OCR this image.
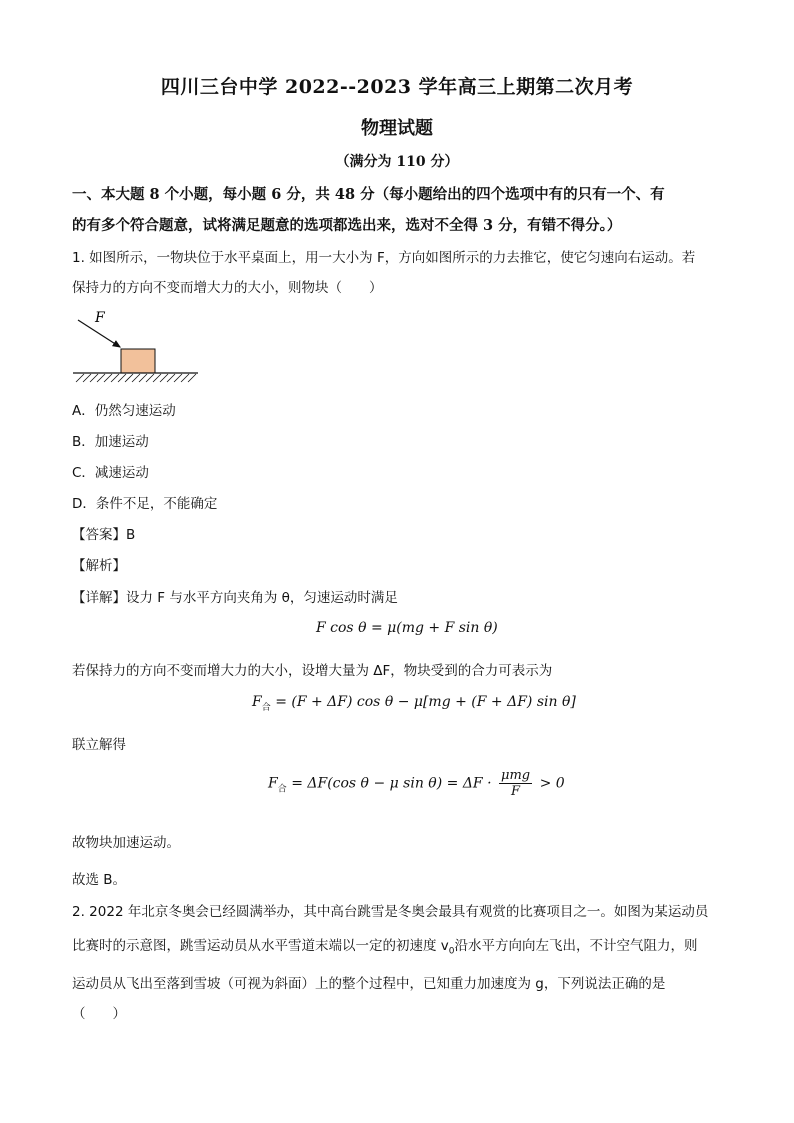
四川三台中学 2022--2023 学年高三上期第二次月考
物理试题
（满分为 110 分）
一、本大题 8 个小题，每小题 6 分，共 48 分（每小题给出的四个选项中有的只有一个、有
的有多个符合题意，试将满足题意的选项都选出来，选对不全得 3 分，有错不得分。）
1. 如图所示，一物块位于水平桌面上，用一大小为 F，方向如图所示的力去推它，使它匀速向右运动。若
保持力的方向不变而增大力的大小，则物块（　　）
F
A．仍然匀速运动
B．加速运动
C．减速运动
D．条件不足，不能确定
【答案】B
【解析】
【详解】设力 F 与水平方向夹角为 θ，匀速运动时满足
F cos θ = μ(mg + F sin θ)
若保持力的方向不变而增大力的大小，设增大量为 ΔF，物块受到的合力可表示为
$F_合 = (F + \Delta F)$ cos θ − μ[mg + (F + ΔF) sin θ]
联立解得
$F_合 = \Delta F(\cos$ θ − μ $\sin \theta) = \Delta F \cdot \frac{\text{μmg}}{F} > 0$
故物块加速运动。
故选 B。
2. 2022 年北京冬奥会已经圆满举办，其中高台跳雪是冬奥会最具有观赏的比赛项目之一。如图为某运动员
比赛时的示意图，跳雪运动员从水平雪道末端以一定的初速度 $v_0$沿水平方向向左飞出，不计空气阻力，则
运动员从飞出至落到雪坡（可视为斜面）上的整个过程中，已知重力加速度为 g，下列说法正确的是
（　　）
